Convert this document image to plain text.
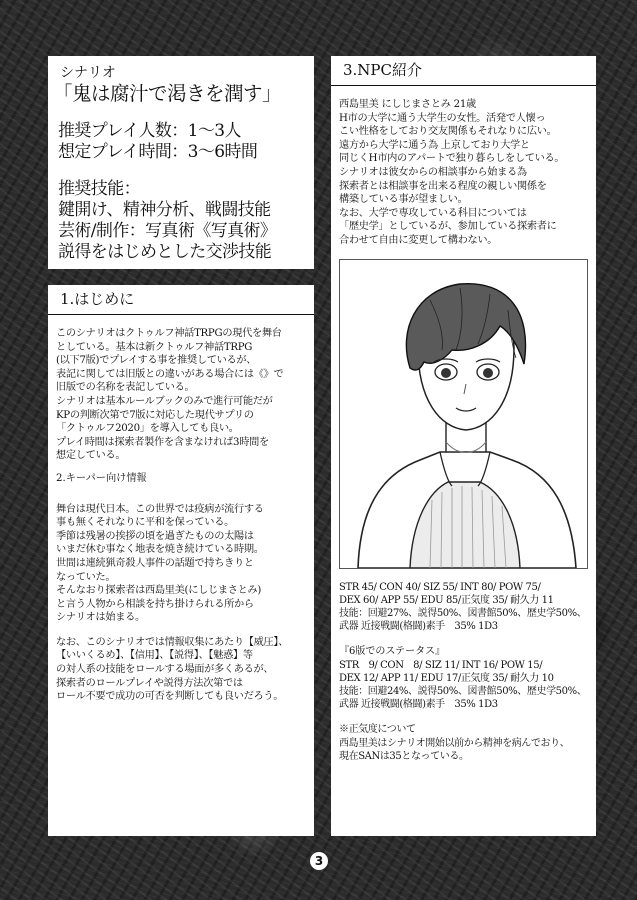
シナリオ
「鬼は腐汁で渇きを潤す」
推奨プレイ人数：1～3人
想定プレイ時間：3～6時間
推奨技能：
鍵開け、精神分析、戦闘技能
芸術/制作：写真術《写真術》
説得をはじめとした交渉技能
1.はじめに
このシナリオはクトゥルフ神話TRPGの現代を舞台
としている。基本は新クトゥルフ神話TRPG
(以下7版)でプレイする事を推奨しているが、
表記に関しては旧版との違いがある場合には《》で
旧版での名称を表記している。
シナリオは基本ルールブックのみで進行可能だが
KPの判断次第で7版に対応した現代サプリの
「クトゥルフ2020」を導入しても良い。
プレイ時間は探索者製作を含まなければ3時間を
想定している。
2.キーパー向け情報
舞台は現代日本。この世界では疫病が流行する
事も無くそれなりに平和を保っている。
季節は残暑の挨拶の頃を過ぎたものの太陽は
いまだ休む事なく地表を焼き続けている時期。
世間は連続猟奇殺人事件の話題で持ちきりと
なっていた。
そんなおり探索者は西島里美(にしじまさとみ)
と言う人物から相談を持ち掛けられる所から
シナリオは始まる。
なお、このシナリオでは情報収集にあたり【威圧】、
【いいくるめ】、【信用】、【説得】、【魅惑】等
の対人系の技能をロールする場面が多くあるが、
探索者のロールプレイや説得方法次第では
ロール不要で成功の可否を判断しても良いだろう。
3.NPC紹介
西島里美 にしじまさとみ 21歳
H市の大学に通う大学生の女性。活発で人懐っ
こい性格をしており交友関係もそれなりに広い。
遠方から大学に通う為 上京しており大学と
同じくH市内のアパートで独り暮らしをしている。
シナリオは彼女からの相談事から始まる為
探索者とは相談事を出来る程度の親しい関係を
構築している事が望ましい。
なお、大学で専攻している科目については
「歴史学」としているが、参加している探索者に
合わせて自由に変更して構わない。
STR 45/ CON 40/ SIZ 55/ INT 80/ POW 75/
DEX 60/ APP 55/ EDU 85/正気度 35/ 耐久力 11
技能：回避27%、説得50%、図書館50%、歴史学50%、
武器 近接戦闘(格闘)素手　35% 1D3
『6版でのステータス』
STR　9/ CON　8/ SIZ 11/ INT 16/ POW 15/
DEX 12/ APP 11/ EDU 17/正気度 35/ 耐久力 10
技能：回避24%、説得50%、図書館50%、歴史学50%、
武器 近接戦闘(格闘)素手　35% 1D3
※正気度について
西島里美はシナリオ開始以前から精神を病んでおり、
現在SANは35となっている。
3
